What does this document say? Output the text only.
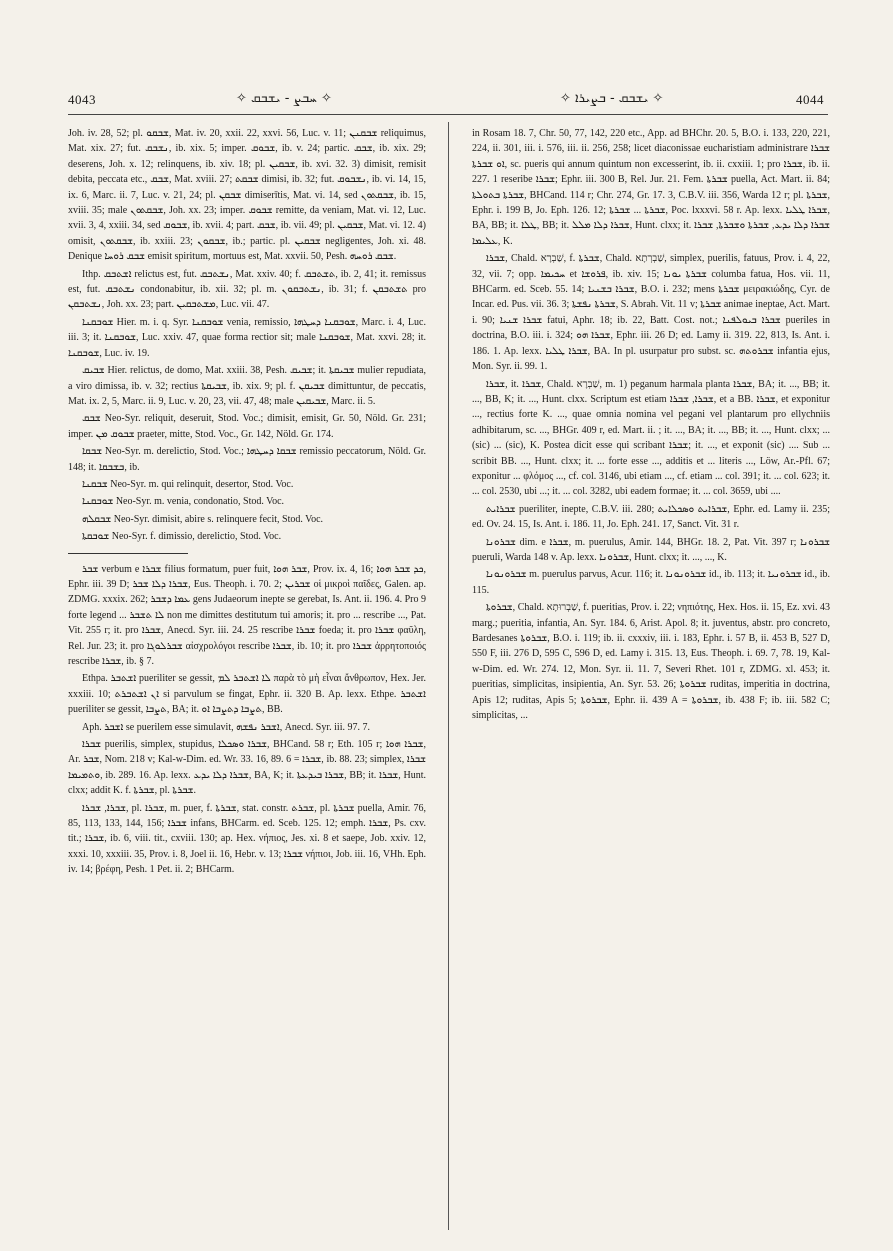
4043	✧ ܚܒܨ - ܝܫܒܩ ✧	✧ ܝܫܒܩ - ܒܨܝܪܐ ✧	4044

Joh. iv. 28, 52; pl. ܫܒܩܘ, Mat. iv. 20, xxii. 22, xxvi. 56, Luc. v. 11; ܫܒܩܢܢ reliquimus, Mat. xix. 27; fut. ܢܫܒܩ, ib. xix. 5; imper. ܫܒܘܩ, ib. v. 24; partic. ܫܒܩ, ib. xix. 29; deserens, Joh. x. 12; relinquens, ib. xiv. 18; pl. ܫܒܩܝܢ, ib. xvi. 32. 3) dimisit, remisit debita, peccata etc., ܫܒܩ, Mat. xviii. 27; ܫܒܩܬ dimisi, ib. 32; fut. ܢܫܒܘܩ, ib. vi. 14, 15, ix. 6, Marc. ii. 7, Luc. v. 21, 24; pl. ܫܒܩܢ dimiserītis, Mat. vi. 14, sed ܫܒܩܬܘܢ, ib. 15, xviii. 35; male ܫܒܩܬܘܢ, Joh. xx. 23; imper. ܫܒܘܩ remitte, da veniam, Mat. vi. 12, Luc. xvii. 3, 4, xxiii. 34, sed ܫܒܘܩ, ib. xvii. 4; part. ܫܒܩ, ib. vii. 49; pl. ܫܒܩܝܢ, Mat. vi. 12. 4) omisit, ܫܒܩܬܘܢ, ib. xxiii. 23; ܫܒܩܘܢ, ib.; partic. pl. ܫܒܩܝܢ negligentes, Joh. xi. 48. Denique ܫܒܩ ܪܘܚܐ emisit spiritum, mortuus est, Mat. xxvii. 50, Pesh. ܫܒܩ ܪܘܚܗ.

Ithp. ܐܫܬܒܩ relictus est, fut. ܢܫܬܒܩ, Mat. xxiv. 40; f. ܬܫܬܒܩ, ib. 2, 41; it. remissus est, fut. ܢܫܬܒܩ condonabitur, ib. xii. 32; pl. m. ܢܫܬܒܩܘܢ, ib. 31; f. ܬܫܬܒܩܢ pro ܢܫܬܒܩܢ, Joh. xx. 23; part. ܡܫܬܒܩܝܢ, Luc. vii. 47.

ܫܘܒܩܢܐ Hier. m. i. q. Syr. ܫܘܒܩܢܐ venia, remissio, ܫܘܒܩܢܐ ܕܚܛܗܐ, Marc. i. 4, Luc. iii. 3; it. ܫܘܒܩܢܐ, Luc. xxiv. 47, quae forma rectior sit; male ܫܘܒܩܢܐ, Mat. xxvi. 28; it. ܫܘܒܩܢܐ, Luc. iv. 19.

ܫܒܝܩ Hier. relictus, de domo, Mat. xxiii. 38, Pesh. ܫܒܝܩ; it. ܫܒܝܩܬܐ mulier repudiata, a viro dimissa, ib. v. 32; rectius ܫܒܝܩܬܐ, ib. xix. 9; pl. f. ܫܒܝܩܢ dimittuntur, de peccatis, Mat. ix. 2, 5, Marc. ii. 9, Luc. v. 20, 23, vii. 47, 48; male ܫܒܝܩܝܢ, Marc. ii. 5.

ܫܒܩ Neo-Syr. reliquit, deseruit, Stod. Voc.; dimisit, emisit, Gr. 50, Nöld. Gr. 231; imper. ܫܒܘܩ ܡܢ praeter, mitte, Stod. Voc., Gr. 142, Nöld. Gr. 174.

ܫܒܩܐ Neo-Syr. m. derelictio, Stod. Voc.; ܫܒܩܐ ܕܚܛܗܐ remissio peccatorum, Nöld. Gr. 148; it. ܒܫܒܩܐ, ib.

ܫܒܩܢܐ Neo-Syr. m. qui relinquit, desertor, Stod. Voc.

ܫܘܒܩܢܐ Neo-Syr. m. venia, condonatio, Stod. Voc.

ܫܒܩܠܗ Neo-Syr. dimisit, abire s. relinquere fecit, Stod. Voc.

ܫܘܒܩܬܐ Neo-Syr. f. dimissio, derelictio, Stod. Voc.

ܫܒܪ verbum e ܫܒܪܐ filius formatum, puer fuit, ܫܒܪ ܗܘܐ, Prov. ix. 4, 16; ܟܕ ܫܒܪ ܗܘܐ, Ephr. iii. 39 D; ܫܒܪܐ ܕܠܐ ܫܒܪ, Eus. Theoph. i. 70. 2; ܫܒܪܝܢ οἱ μικροὶ παῖδες, Galen. ap. ZDMG. xxxix. 262; ܥܡܐ ܕܫܒܪ gens Judaeorum inepte se gerebat, Is. Ant. ii. 196. 4. Pro 9 forte legend ... ܠܐ ܬܫܒܪ non me dimittes destitutum tui amoris; it. pro ... rescribe ..., Pat. Vit. 255 r; it. pro ܫܒܪܐ, Anecd. Syr. iii. 24. 25 rescribe ܫܒܪܐ foeda; it. pro ܫܒܪܐ φαῦλη, Rel. Jur. 23; it. pro ܫܒܪܠܘܓܐ αἰσχρολόγοι rescribe ܫܒܪܐ, ib. 10; it. pro ܫܒܪܐ ἀρρητοποιός rescribe ܫܒܪܐ, ib. § 7.

Ethpa. ܐܫܬܒܪ pueriliter se gessit, ܠܐ ܐܫܬܒܪ ܠܡ παρὰ τὸ μὴ εἶναι ἄνθρωπον, Hex. Jer. xxxiii. 10; ܐܢ ܐܫܬܒܪܬ si parvulum se fingat, Ephr. ii. 320 B. Ap. lexx. Ethpe. ܐܫܬܒܪ pueriliter se gessit, ܬܨܒܐ, BA; it. ܬܨܒܐ ܕܬܨܒܐ ܐܘ, BB.

Aph. ܐܫܒܪ se puerilem esse simulavit, ܐܫܒܪ ܢܦܫܗ, Anecd. Syr. iii. 97. 7.

ܫܒܪܐ puerilis, simplex, stupidus, ܫܒܪܐ ܘܣܟܠܐ, BHCand. 58 r; Eth. 105 r; ܫܒܪܐ ܗܘܐ, Ar. ܫܒܪ, Nom. 218 v; Kal-w-Dim. ed. Wr. 33. 16, 89. 6 = ܫܒܪܐ, ib. 88. 23; simplex, ܫܒܪܐ ܘܬܡܝܡܐ, ib. 289. 16. Ap. lexx. ܫܒܪܐ ܕܠܐ ܝܕܥ, BA, K; it. ܫܒܪܐ ܒܝܕܥܬܐ, BB; it. ܫܒܪܐ, Hunt. clxx; addit K. f. ܫܒܪܬܐ, pl. ܫܒܪܬܐ.

ܫܒܪܐ, ܫܒܪܐ, pl. ܫܒܪܐ, m. puer, f. ܫܒܪܬܐ, stat. constr. ܫܒܪܬ, pl. ܫܒܪܬܐ puella, Amir. 76, 85, 113, 133, 144, 156; ܫܒܪܐ infans, BHCarm. ed. Sceb. 125. 12; emph. ܫܒܪܐ, Ps. cxv. tit.; ܫܒܪܐ, ib. 6, viii. tit., cxviii. 130; ap. Hex. νήπιος, Jes. xi. 8 et saepe, Job. xxiv. 12, xxxi. 10, xxxiii. 35, Prov. i. 8, Joel ii. 16, Hebr. v. 13; ܫܒܪܐ νήπιοι, Job. iii. 16, VHh. Eph. iv. 14; βρέφη, Pesh. 1 Pet. ii. 2; BHCarm.

in Rosam 18. 7, Chr. 50, 77, 142, 220 etc., App. ad BHChr. 20. 5, B.O. i. 133, 220, 221, 224, ii. 301, iii. i. 576, iii. ii. 256, 258; licet diaconissae eucharistiam administrare ܫܒܪܐ ܐܘ ܫܒܪܬܐ, sc. pueris qui annum quintum non excesserint, ib. ii. cxxiii. 1; pro ܫܒܪܐ, ib. ii. 227. 1 reseribe ܫܒܪܐ; Ephr. iii. 300 B, Rel. Jur. 21. Fem. ܫܒܪܬܐ puella, Act. Mart. ii. 84; ܫܒܪܬܐ ܒܬܘܠܬܐ, BHCand. 114 r; Chr. 274, Gr. 17. 3, C.B.V. iii. 356, Warda 12 r; pl. ܫܒܪܬܐ, Ephr. i. 199 B, Jo. Eph. 126. 12; ܫܒܪܬܐ ... ܫܒܪܬܐ, Poc. lxxxvi. 58 r. Ap. lexx. ܫܒܪܐ ܛܠܝܐ, BA, BB; it. ܛܠܐ, BB; it. ܫܒܪܐ ܕܠܐ ܡܠܠ, Hunt. clxx; it. ܫܒܪܐ ܕܠܐ ܝܕܥ, ܫܒܪܬܐ ܘܫܒܪܬܐ, ܫܒܪܐ ܥܠܝܡܐ, K.

ܫܒܪܐ, Chald. שַׁבְרָא, f. ܫܒܪܬܐ, Chald. שַׁבְרְתָא, simplex, puerilis, fatuus, Prov. i. 4, 22, 32, vii. 7; opp. ܚܟܝܡܐ et ܦܪܘܫܐ, ib. xiv. 15; ܫܒܪܬܐ ܝܘܢܐ columba fatua, Hos. vii. 11, BHCarm. ed. Sceb. 55. 14; ܫܒܪܐ ܒܫܢܝܐ, B.O. i. 232; mens ܫܒܪܬܐ μειρακιώδης, Cyr. de Incar. ed. Pus. vii. 36. 3; ܫܒܪܬܐ ܢܦܫܬܐ, S. Abrah. Vit. 11 v; ܫܒܪܬܐ animae ineptae, Act. Mart. i. 90; ܫܒܪܐ ܫܢܝܐ fatui, Aphr. 18; ib. 22, Batt. Cost. not.; ܫܒܪܐ ܒܝܘܠܦܢܐ pueriles in doctrina, B.O. iii. i. 324; ܫܒܪܐ ܗܘ, Ephr. iii. 26 D; ed. Lamy ii. 319. 22, 813, Is. Ant. i. 186. 1. Ap. lexx. ܫܒܪܐ ܛܠܝܐ, BA. In pl. usurpatur pro subst. sc. ܫܒܪܘܬܗ infantia ejus, Mon. Syr. ii. 99. 1.

ܫܒܪܐ, it. ܫܒܪܐ, Chald. שַׁבְרָא, m. 1) peganum harmala planta ܫܒܪܐ, BA; it. ..., BB; it. ..., BB, K; it. ..., Hunt. clxx. Scriptum est etiam ܫܒܪܐ, ܫܒܪܐ, et a BB. ܫܒܪܐ, et exponitur ..., rectius forte K. ..., quae omnia nomina vel pegani vel plantarum pro ellychniis adhibitarum, sc. ..., BHGr. 409 r, ed. Mart. ii. ; it. ..., BA; it. ..., BB; it. ..., Hunt. clxx; ... (sic) ... (sic), K. Postea dicit esse qui scribant ܫܒܪܐ; it. ..., et exponit (sic) .... Sub ... scribit BB. ..., Hunt. clxx; it. ... forte esse ..., additis et ... literis ..., Löw, Ar.-Pfl. 67; exponitur ... φλόμος ..., cf. col. 3146, ubi etiam ..., cf. etiam ... col. 391; it. ... col. 623; it. ... col. 2530, ubi ...; it. ... col. 3282, ubi eadem formae; it. ... col. 3659, ubi ....

ܫܒܪܐܝܬ pueriliter, inepte, C.B.V. iii. 280; ܫܒܪܐܝܬ ܘܣܟܠܐܝܬ, Ephr. ed. Lamy ii. 235; ed. Ov. 24. 15, Is. Ant. i. 186. 11, Jo. Eph. 241. 17, Sanct. Vit. 31 r.

ܫܒܪܘܢܐ dim. e ܫܒܪܐ, m. puerulus, Amir. 144, BHGr. 18. 2, Pat. Vit. 397 r; ܫܒܪܘܢܐ pueruli, Warda 148 v. Ap. lexx. ܫܒܪܘܢܐ, Hunt. clxx; it. ..., ..., K.

ܫܒܪܘܢܘܢܐ m. puerulus parvus, Acur. 116; it. ܫܒܪܘܢܘܢܐ id., ib. 113; it. ܫܒܪܘܢܝܐ id., ib. 115.

ܫܒܪܘܬܐ, Chald. שַׁבְרוּתָא, f. pueritias, Prov. i. 22; νηπιότης, Hex. Hos. ii. 15, Ez. xvi. 43 marg.; pueritia, infantia, An. Syr. 184. 6, Arist. Apol. 8; it. juventus, abstr. pro concreto, Bardesanes ܫܒܪܘܬܐ, B.O. i. 119; ib. ii. cxxxiv, iii. i. 183, Ephr. i. 57 B, ii. 453 B, 527 D, 550 F, iii. 276 D, 595 C, 596 D, ed. Lamy i. 315. 13, Eus. Theoph. i. 69. 7, 78. 19, Kal-w-Dim. ed. Wr. 274. 12, Mon. Syr. ii. 11. 7, Severi Rhet. 101 r, ZDMG. xl. 453; it. pueritias, simplicitas, insipientia, An. Syr. 53. 26; ܫܒܪܘܬܐ ruditas, imperitia in doctrina, Apis 12; ruditas, Apis 5; ܫܒܪܘܬܐ, Ephr. ii. 439 A = ܫܒܪܘܬܐ, ib. 438 F; ib. iii. 582 C; simplicitas, ...
